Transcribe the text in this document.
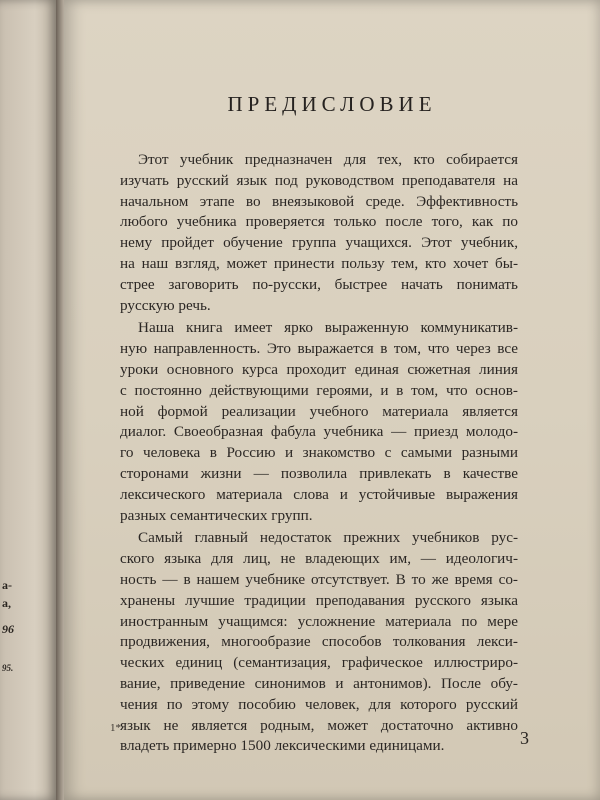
а-
а,
96
95.
ПРЕДИСЛОВИЕ
Этот учебник предназначен для тех, кто собирается
изучать русский язык под руководством преподавателя на
начальном этапе во внеязыковой среде. Эффективность
любого учебника проверяется только после того, как по
нему пройдет обучение группа учащихся. Этот учебник,
на наш взгляд, может принести пользу тем, кто хочет бы-
стрее заговорить по-русски, быстрее начать понимать
русскую речь.
Наша книга имеет ярко выраженную коммуникатив-
ную направленность. Это выражается в том, что через все
уроки основного курса проходит единая сюжетная линия
с постоянно действующими героями, и в том, что основ-
ной формой реализации учебного материала является
диалог. Своеобразная фабула учебника — приезд молодо-
го человека в Россию и знакомство с самыми разными
сторонами жизни — позволила привлекать в качестве
лексического материала слова и устойчивые выражения
разных семантических групп.
Самый главный недостаток прежних учебников рус-
ского языка для лиц, не владеющих им, — идеологич-
ность — в нашем учебнике отсутствует. В то же время со-
хранены лучшие традиции преподавания русского языка
иностранным учащимся: усложнение материала по мере
продвижения, многообразие способов толкования лекси-
ческих единиц (семантизация, графическое иллюстриро-
вание, приведение синонимов и антонимов). После обу-
чения по этому пособию человек, для которого русский
язык не является родным, может достаточно активно
владеть примерно 1500 лексическими единицами.
1*	3
